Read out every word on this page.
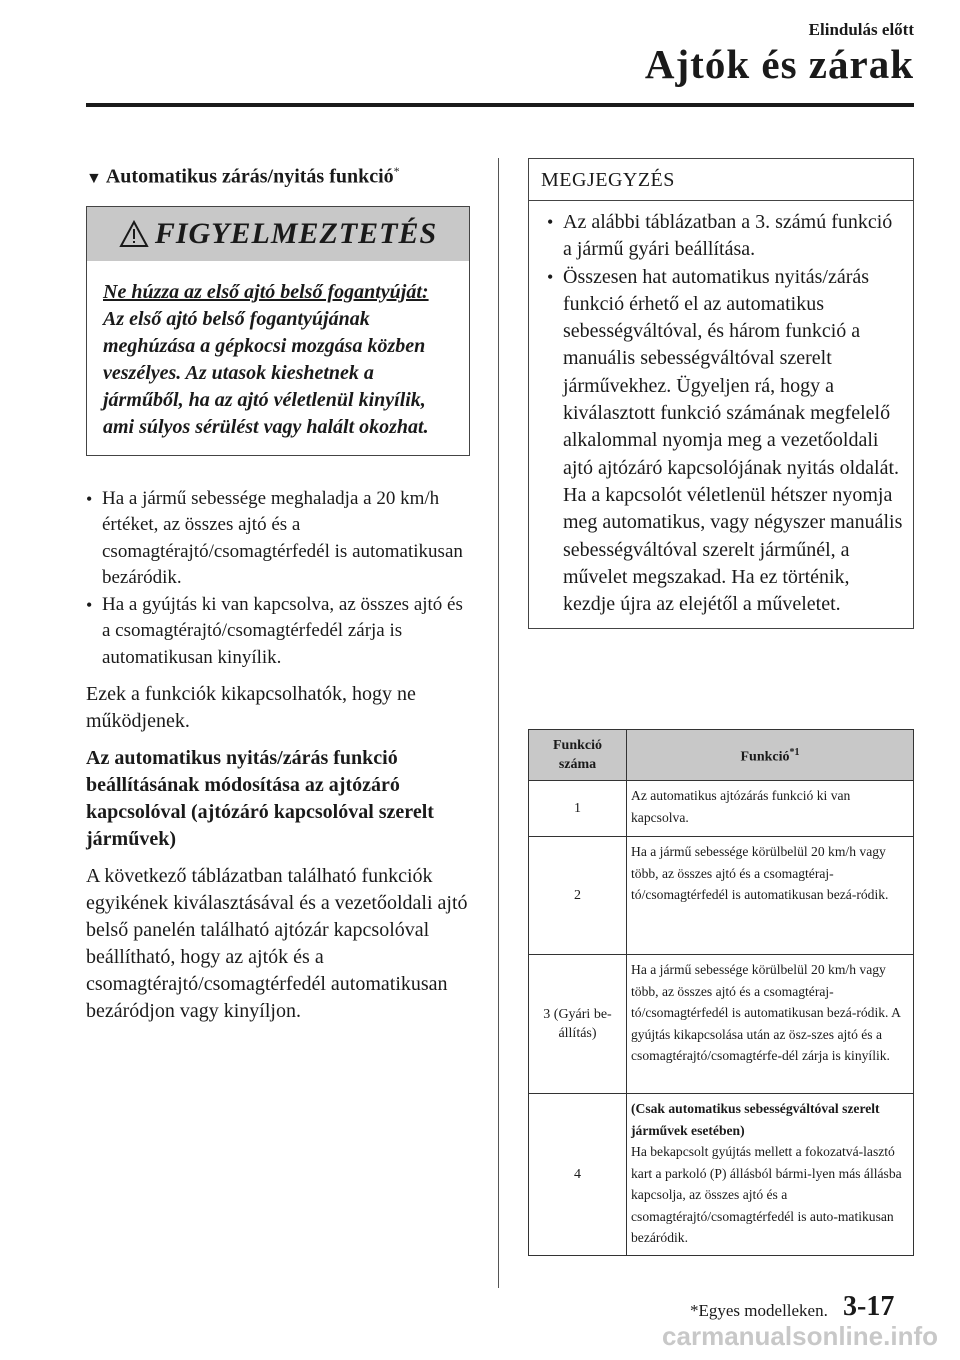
Elindulás előtt
Ajtók és zárak
▼ Automatikus zárás/nyitás funkció*
FIGYELMEZTETÉS
Ne húzza az első ajtó belső fogantyúját:
Az első ajtó belső fogantyújának meghúzása a gépkocsi mozgása közben veszélyes. Az utasok kieshetnek a járműből, ha az ajtó véletlenül kinyílik, ami súlyos sérülést vagy halált okozhat.
• Ha a jármű sebessége meghaladja a 20 km/h értéket, az összes ajtó és a csomagtérajtó/csomagtérfedél is automatikusan bezáródik.
• Ha a gyújtás ki van kapcsolva, az összes ajtó és a csomagtérajtó/csomagtérfedél zárja is automatikusan kinyílik.
Ezek a funkciók kikapcsolhatók, hogy ne működjenek.
Az automatikus nyitás/zárás funkció beállításának módosítása az ajtózáró kapcsolóval (ajtózáró kapcsolóval szerelt járművek)
A következő táblázatban található funkciók egyikének kiválasztásával és a vezetőoldali ajtó belső panelén található ajtózár kapcsolóval beállítható, hogy az ajtók és a csomagtérajtó/csomagtérfedél automatikusan bezáródjon vagy kinyíljon.
MEGJEGYZÉS
• Az alábbi táblázatban a 3. számú funkció a jármű gyári beállítása.
• Összesen hat automatikus nyitás/zárás funkció érhető el az automatikus sebességváltóval, és három funkció a manuális sebességváltóval szerelt járművekhez. Ügyeljen rá, hogy a kiválasztott funkció számának megfelelő alkalommal nyomja meg a vezetőoldali ajtó ajtózáró kapcsolójának nyitás oldalát. Ha a kapcsolót véletlenül hétszer nyomja meg automatikus, vagy négyszer manuális sebességváltóval szerelt járműnél, a művelet megszakad. Ha ez történik, kezdje újra az elejétől a műveletet.
Funkció
száma	Funkció$^{*1}$
1	Az automatikus ajtózárás funkció ki van kapcsolva.
2	Ha a jármű sebessége körülbelül 20 km/h vagy több, az összes ajtó és a csomagtéraj-tó/csomagtérfedél is automatikusan bezá-ródik.
3 (Gyári be-állítás)	Ha a jármű sebessége körülbelül 20 km/h vagy több, az összes ajtó és a csomagtéraj-tó/csomagtérfedél is automatikusan bezá-ródik. A gyújtás kikapcsolása után az ösz-szes ajtó és a csomagtérajtó/csomagtérfe-dél zárja is kinyílik.
4	(Csak automatikus sebességváltóval szerelt járművek esetében)
Ha bekapcsolt gyújtás mellett a fokozatvá-lasztó kart a parkoló (P) állásból bármi-lyen más állásba kapcsolja, az összes ajtó és a csomagtérajtó/csomagtérfedél is auto-matikusan bezáródik.
*Egyes modelleken. 3-17
carmanualsonline.info
